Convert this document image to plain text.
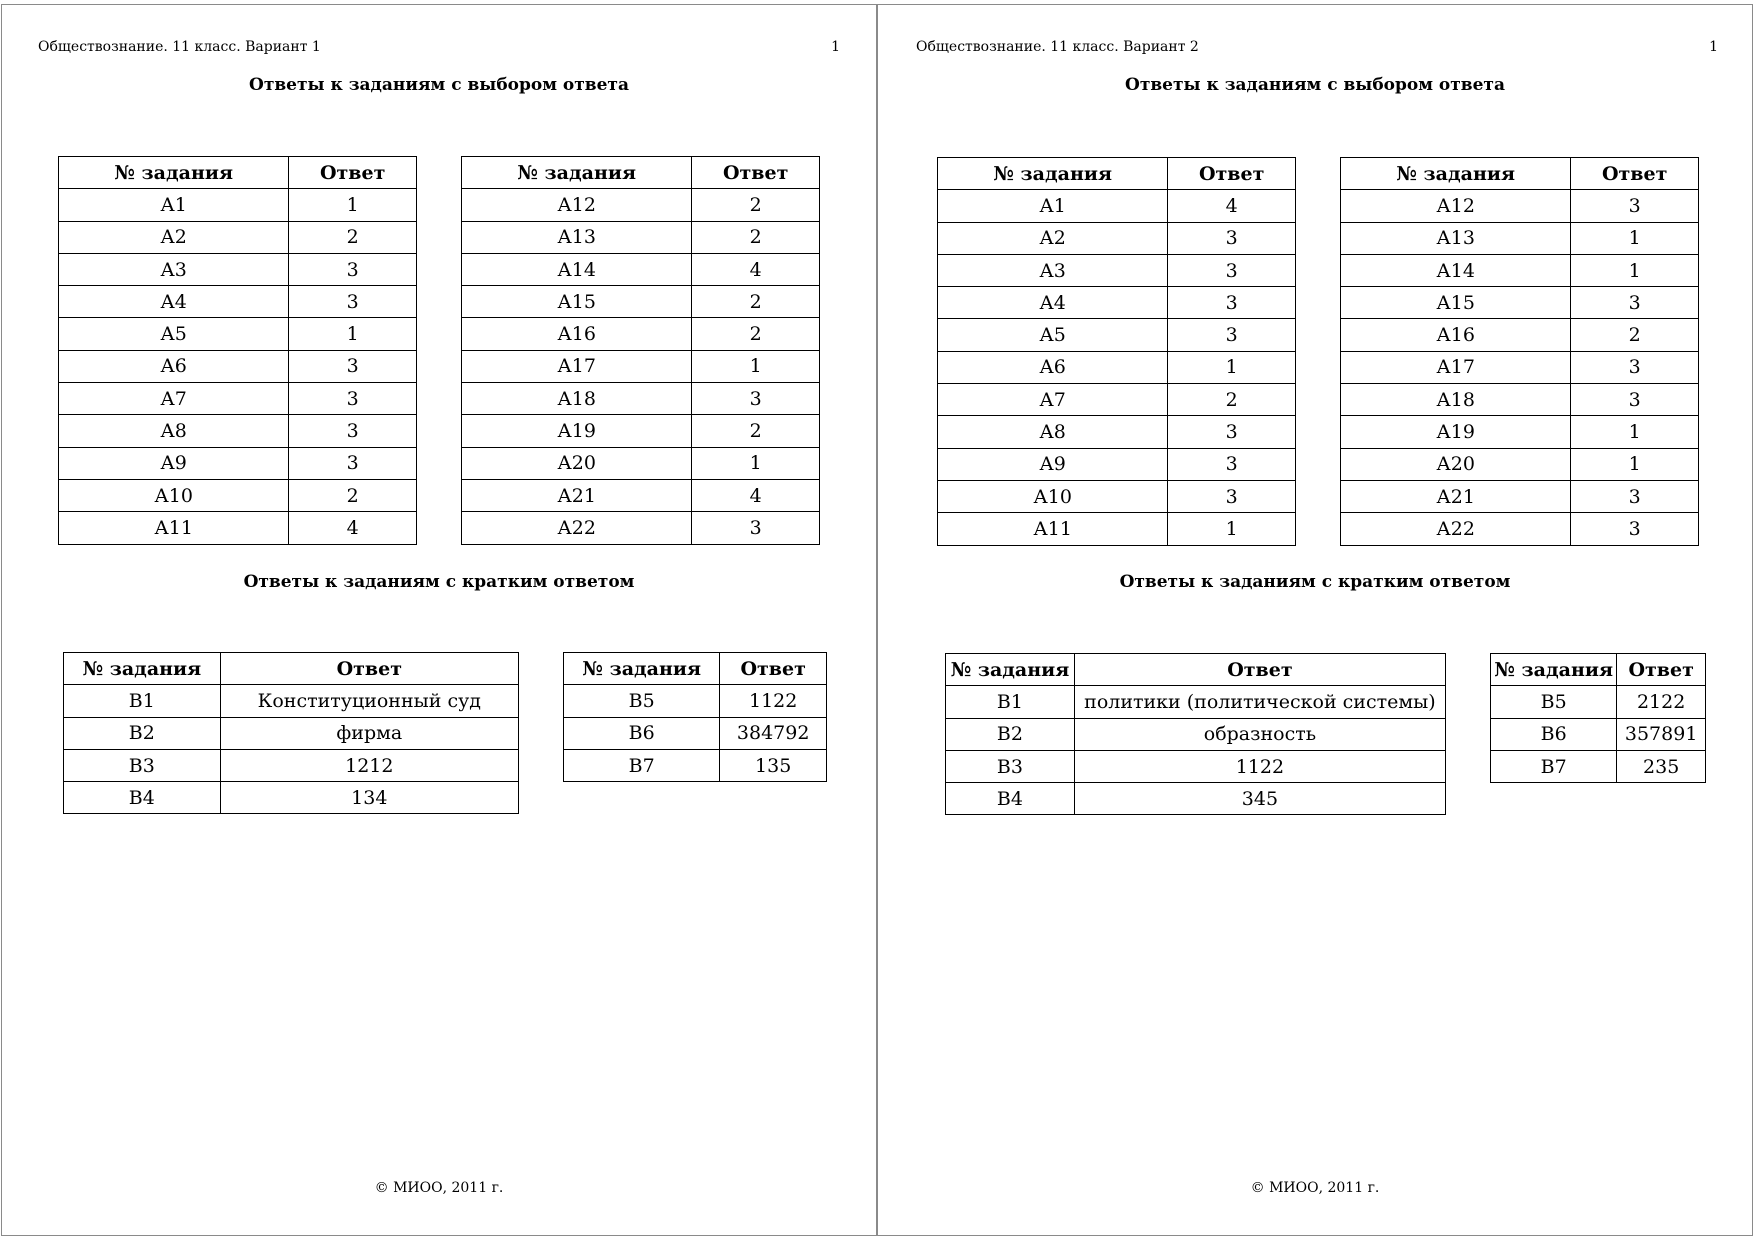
Обществознание. 11 класс. Вариант 1	1
Ответы к заданиям с выбором ответа
№ задания	Ответ
А1	1
А2	2
А3	3
А4	3
А5	1
А6	3
А7	3
А8	3
А9	3
А10	2
А11	4
№ задания	Ответ
А12	2
А13	2
А14	4
А15	2
А16	2
А17	1
А18	3
А19	2
А20	1
А21	4
А22	3
Ответы к заданиям с кратким ответом
№ задания	Ответ
В1	Конституционный суд
В2	фирма
В3	1212
В4	134
№ задания	Ответ
В5	1122
В6	384792
В7	135
© МИОО, 2011 г.
Обществознание. 11 класс. Вариант 2	1
Ответы к заданиям с выбором ответа
№ задания	Ответ
А1	4
А2	3
А3	3
А4	3
А5	3
А6	1
А7	2
А8	3
А9	3
А10	3
А11	1
№ задания	Ответ
А12	3
А13	1
А14	1
А15	3
А16	2
А17	3
А18	3
А19	1
А20	1
А21	3
А22	3
Ответы к заданиям с кратким ответом
№ задания	Ответ
В1	политики (политической системы)
В2	образность
В3	1122
В4	345
№ задания	Ответ
В5	2122
В6	357891
В7	235
© МИОО, 2011 г.
